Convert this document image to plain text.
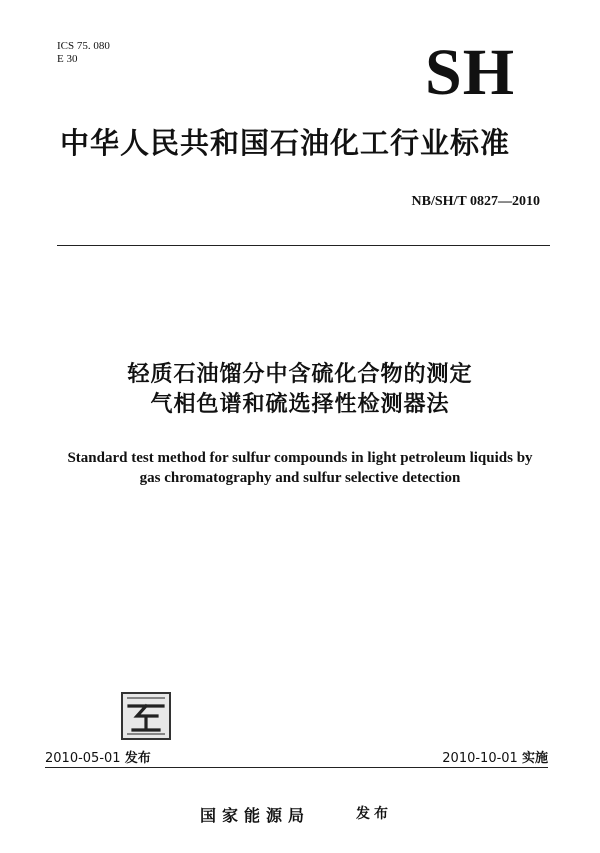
ICS 75. 080
E 30	SH
中华人民共和国石油化工行业标准
NB/SH/T 0827—2010
轻质石油馏分中含硫化合物的测定
气相色谱和硫选择性检测器法
Standard test method for sulfur compounds in light petroleum liquids by
gas chromatography and sulfur selective detection
2010-05-01 发布	2010-10-01 实施
国家能源局	发布
